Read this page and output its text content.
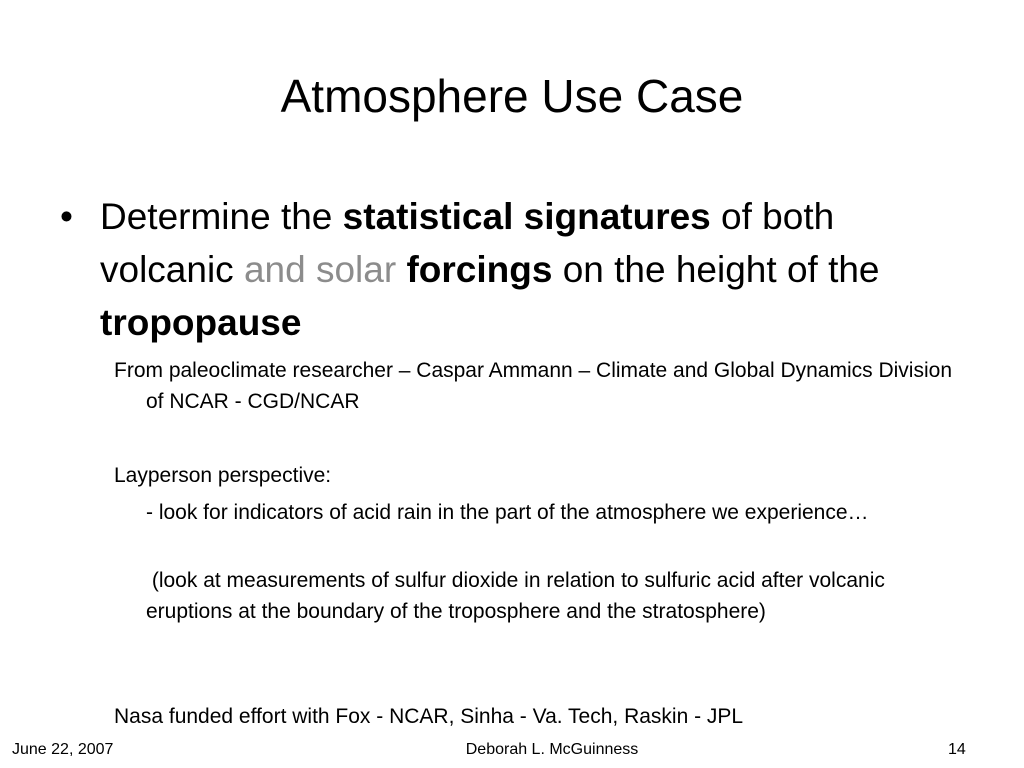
Atmosphere Use Case
• Determine the statistical signatures of both volcanic and solar forcings on the height of the tropopause

From paleoclimate researcher – Caspar Ammann – Climate and Global Dynamics Division of NCAR - CGD/NCAR

Layperson perspective:

- look for indicators of acid rain in the part of the atmosphere we experience…

(look at measurements of sulfur dioxide in relation to sulfuric acid after volcanic eruptions at the boundary of the troposphere and the stratosphere)

Nasa funded effort with Fox - NCAR, Sinha - Va. Tech, Raskin - JPL

June 22, 2007	Deborah L. McGuinness	14
